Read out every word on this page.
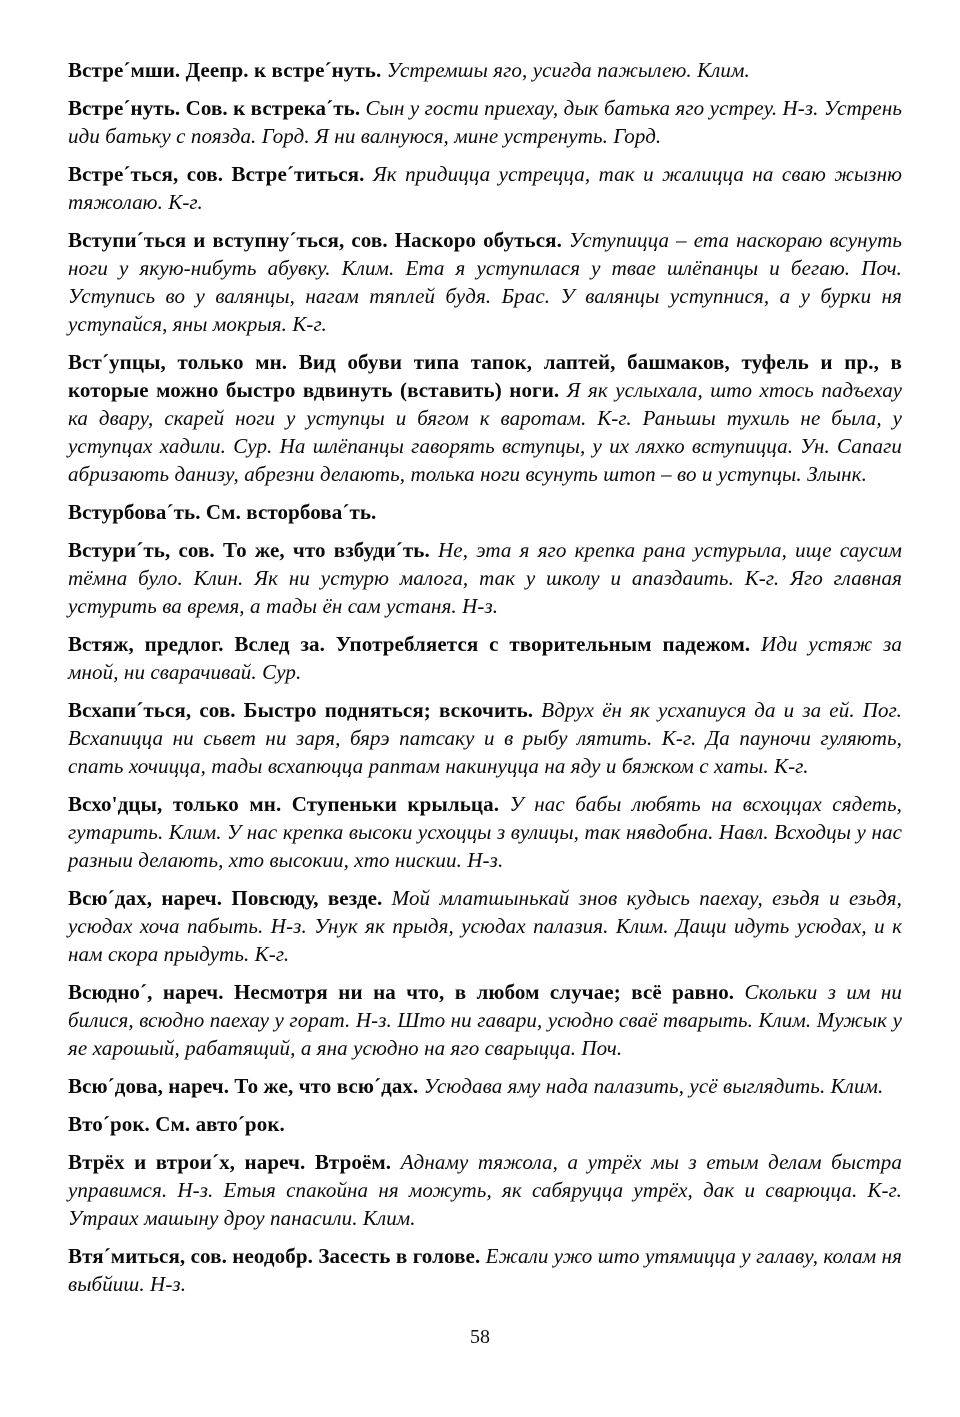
Встре´мши. Деепр. к встре´нуть. Устремшы яго, усигда пажылею. Клим.

Встре´нуть. Сов. к встрека´ть. Сын у гости приехау, дык батька яго устреу. Н-з. Устрень иди батьку с поязда. Горд. Я ни валнуюся, мине устренуть. Горд.

Встре´ться, сов. Встре´титься. Як придицца устрецца, так и жалицца на сваю жызню тяжолаю. К-г.

Вступи´ться и вступну´ться, сов. Наскоро обуться. Уступицца – ета наскораю всунуть ноги у якую-нибуть абувку. Клим. Ета я уступилася у твае шлёпанцы и бегаю. Поч. Уступись во у валянцы, нагам тяплей будя. Брас. У валянцы уступнися, а у бурки ня уступайся, яны мокрыя. К-г.

Вст´упцы, только мн. Вид обуви типа тапок, лаптей, башмаков, туфель и пр., в которые можно быстро вдвинуть (вставить) ноги. Я як услыхала, што хтось падъехау ка двару, скарей ноги у уступцы и бягом к варотам. К-г. Раньшы тухиль не была, у уступцах хадили. Сур. На шлёпанцы гаворять вступцы, у их ляхко вступицца. Ун. Сапаги абризають данизу, абрезни делають, толька ноги всунуть штоп – во и уступцы. Злынк.

Встурбова´ть. См. всторбова´ть.

Встури´ть, сов. То же, что взбуди´ть. Не, эта я яго крепка рана устурыла, ище саусим тёмна було. Клин. Як ни устурю малога, так у школу и апаздаить. К-г. Яго главная устурить ва время, а тады ён сам устаня. Н-з.

Встяж, предлог. Вслед за. Употребляется с творительным падежом. Иди устяж за мной, ни сварачивай. Сур.

Всхапи´ться, сов. Быстро подняться; вскочить. Вдрух ён як усхапиуся да и за ей. Пог. Всхапицца ни сьвет ни заря, бярэ патсаку и в рыбу лятить. К-г. Да пауночи гуляють, спать хочицца, тады всхапюцца раптам накинуцца на яду и бяжком с хаты. К-г.

Всхо'дцы, только мн. Ступеньки крыльца. У нас бабы любять на всхоццах сядеть, гутарить. Клим. У нас крепка высоки усхоццы з вулицы, так нявдобна. Навл. Всходцы у нас разныи делають, хто высокии, хто нискии. Н-з.

Всю´дах, нареч. Повсюду, везде. Мой млатшынькай знов кудысь паехау, езьдя и езьдя, усюдах хоча пабыть. Н-з. Унук як прыдя, усюдах палазия. Клим. Дащи идуть усюдах, и к нам скора прыдуть. К-г.

Всюдно´, нареч. Несмотря ни на что, в любом случае; всё равно. Скольки з им ни билися, всюдно паехау у горат. Н-з. Што ни гавари, усюдно сваё тварыть. Клим. Мужык у яе харошый, рабатящий, а яна усюдно на яго сварыцца. Поч.

Всю´дова, нареч. То же, что всю´дах. Усюдава яму нада палазить, усё выглядить. Клим.

Вто´рок. См. авто´рок.

Втрёх и втрои´х, нареч. Втроём. Аднаму тяжола, а утрёх мы з етым делам быстра управимся. Н-з. Етыя спакойна ня можуть, як сабяруцца утрёх, дак и сварюцца. К-г. Утраих машыну дроу панасили. Клим.

Втя´миться, сов. неодобр. Засесть в голове. Ежали ужо што утямицца у галаву, колам ня выбйиш. Н-з.

58
